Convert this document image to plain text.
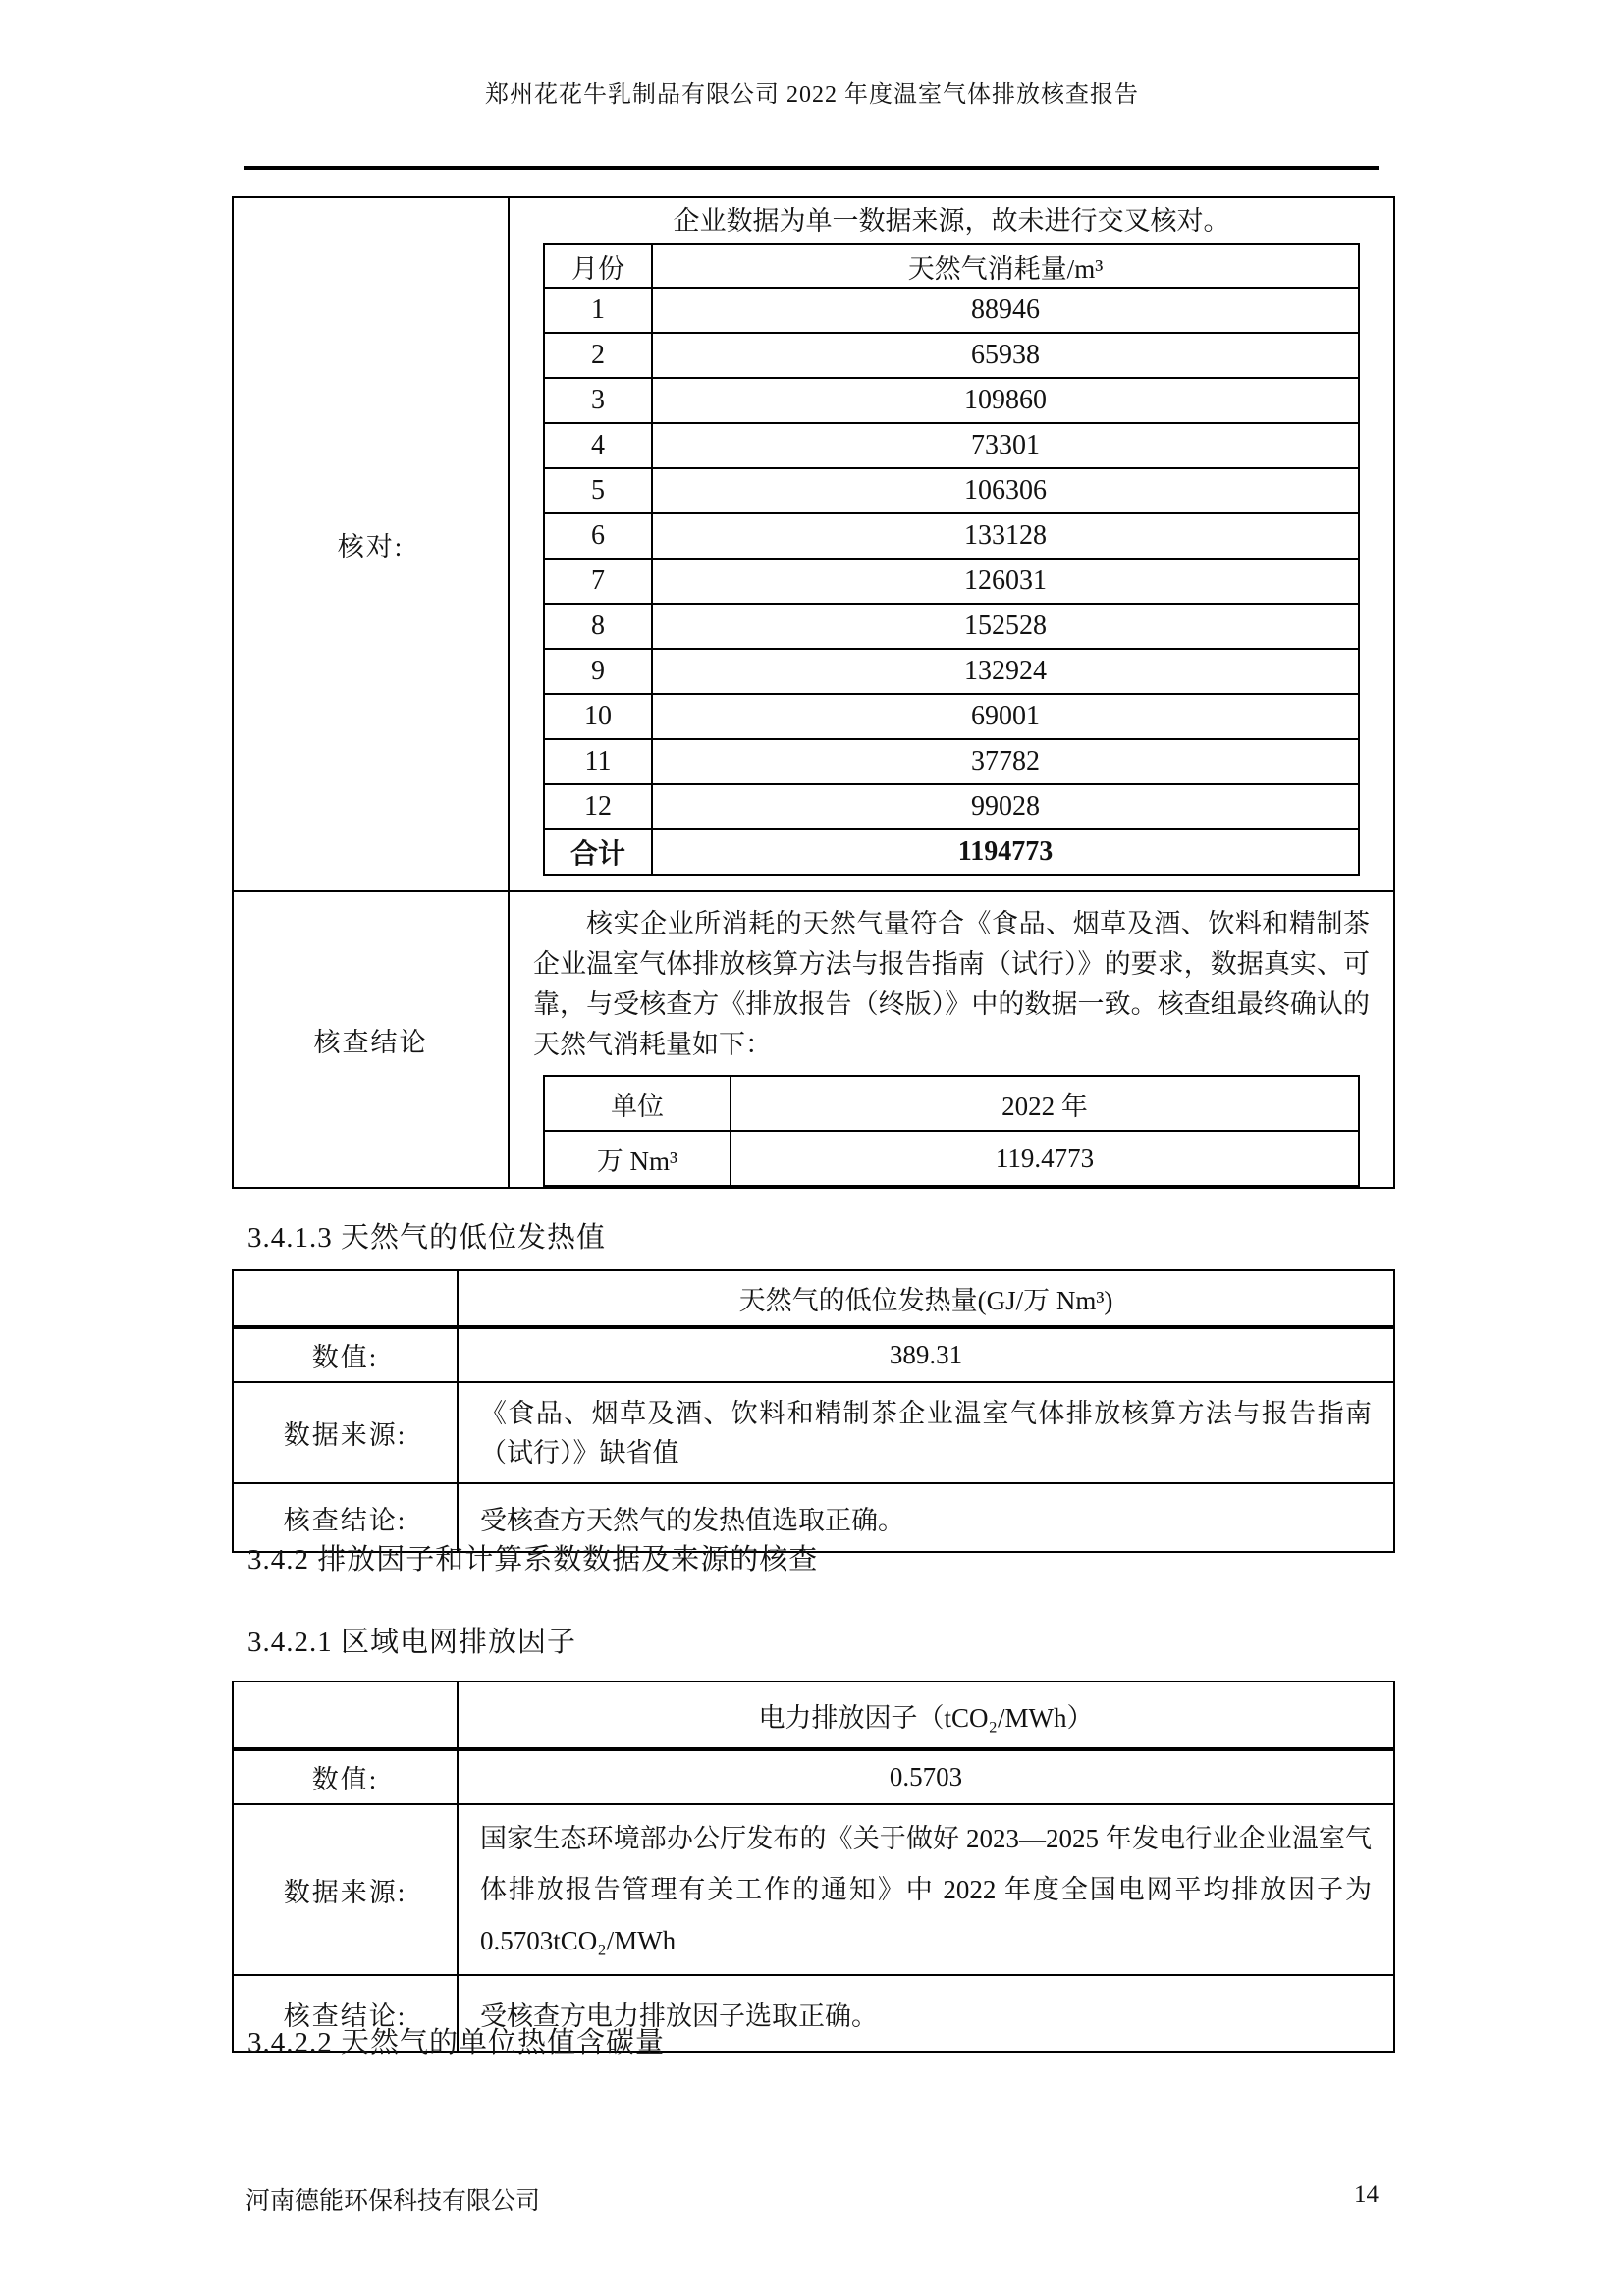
郑州花花牛乳制品有限公司 2022 年度温室气体排放核查报告
核对:	
企业数据为单一数据来源，故未进行交叉核对。
月份	天然气消耗量/m³
1	88946
2	65938
3	109860
4	73301
5	106306
6	133128
7	126031
8	152528
9	132924
10	69001
11	37782
12	99028
合计	1194773

核查结论	
核实企业所消耗的天然气量符合《食品、烟草及酒、饮料和精制茶企业温室气体排放核算方法与报告指南（试行）》的要求，数据真实、可靠，与受核查方《排放报告（终版）》中的数据一致。核查组最终确认的天然气消耗量如下：
单位	2022 年
万 Nm³	119.4773
3.4.1.3 天然气的低位发热值
	天然气的低位发热量(GJ/万 Nm³)
数值:	389.31
数据来源:	《食品、烟草及酒、饮料和精制茶企业温室气体排放核算方法与报告指南（试行）》缺省值
核查结论:	受核查方天然气的发热值选取正确。
3.4.2 排放因子和计算系数数据及来源的核查
3.4.2.1 区域电网排放因子
	电力排放因子（tCO₂/MWh）
数值:	0.5703
数据来源:	国家生态环境部办公厅发布的《关于做好 2023—2025 年发电行业企业温室气体排放报告管理有关工作的通知》中 2022 年度全国电网平均排放因子为 0.5703tCO₂/MWh
核查结论:	受核查方电力排放因子选取正确。
3.4.2.2 天然气的单位热值含碳量
河南德能环保科技有限公司	14
